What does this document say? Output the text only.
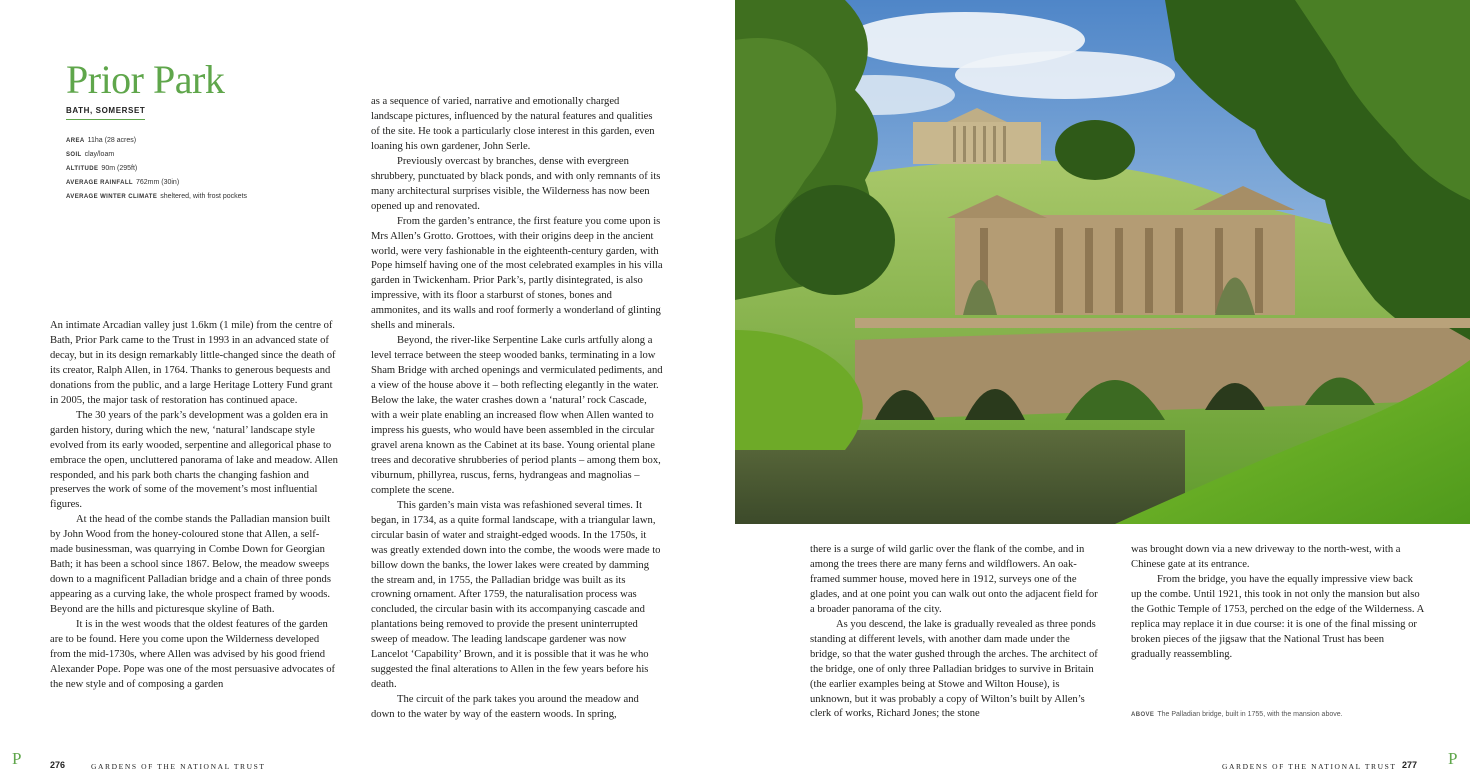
Prior Park
BATH, SOMERSET
AREA 11ha (28 acres)
SOIL clay/loam
ALTITUDE 90m (295ft)
AVERAGE RAINFALL 762mm (30in)
AVERAGE WINTER CLIMATE sheltered, with frost pockets

An intimate Arcadian valley just 1.6km (1 mile) from the centre of Bath, Prior Park came to the Trust in 1993 in an advanced state of decay, but in its design remarkably little-changed since the death of its creator, Ralph Allen, in 1764. Thanks to generous bequests and donations from the public, and a large Heritage Lottery Fund grant in 2005, the major task of restoration has continued apace.

The 30 years of the park’s development was a golden era in garden history, during which the new, ‘natural’ landscape style evolved from its early wooded, serpentine and allegorical phase to embrace the open, uncluttered panorama of lake and meadow. Allen responded, and his park both charts the changing fashion and preserves the work of some of the movement’s most influential figures.

At the head of the combe stands the Palladian mansion built by John Wood from the honey-coloured stone that Allen, a self-made businessman, was quarrying in Combe Down for Georgian Bath; it has been a school since 1867. Below, the meadow sweeps down to a magnificent Palladian bridge and a chain of three ponds appearing as a curving lake, the whole prospect framed by woods. Beyond are the hills and picturesque skyline of Bath.

It is in the west woods that the oldest features of the garden are to be found. Here you come upon the Wilderness developed from the mid-1730s, where Allen was advised by his good friend Alexander Pope. Pope was one of the most persuasive advocates of the new style and of composing a garden

as a sequence of varied, narrative and emotionally charged landscape pictures, influenced by the natural features and qualities of the site. He took a particularly close interest in this garden, even loaning his own gardener, John Serle.

Previously overcast by branches, dense with evergreen shrubbery, punctuated by black ponds, and with only remnants of its many architectural surprises visible, the Wilderness has now been opened up and renovated.

From the garden’s entrance, the first feature you come upon is Mrs Allen’s Grotto. Grottoes, with their origins deep in the ancient world, were very fashionable in the eighteenth-century garden, with Pope himself having one of the most celebrated examples in his villa garden in Twickenham. Prior Park’s, partly disintegrated, is also impressive, with its floor a starburst of stones, bones and ammonites, and its walls and roof formerly a wonderland of glinting shells and minerals.

Beyond, the river-like Serpentine Lake curls artfully along a level terrace between the steep wooded banks, terminating in a low Sham Bridge with arched openings and vermiculated pediments, and a view of the house above it – both reflecting elegantly in the water. Below the lake, the water crashes down a ‘natural’ rock Cascade, with a weir plate enabling an increased flow when Allen wanted to impress his guests, who would have been assembled in the circular gravel arena known as the Cabinet at its base. Young oriental plane trees and decorative shrubberies of period plants – among them box, viburnum, phillyrea, ruscus, ferns, hydrangeas and magnolias – complete the scene.

This garden’s main vista was refashioned several times. It began, in 1734, as a quite formal landscape, with a triangular lawn, circular basin of water and straight-edged woods. In the 1750s, it was greatly extended down into the combe, the woods were made to billow down the banks, the lower lakes were created by damming the stream and, in 1755, the Palladian bridge was built as its crowning ornament. After 1759, the naturalisation process was concluded, the circular basin with its accompanying cascade and plantations being removed to provide the present uninterrupted sweep of meadow. The leading landscape gardener was now Lancelot ‘Capability’ Brown, and it is possible that it was he who suggested the final alterations to Allen in the few years before his death.

The circuit of the park takes you around the meadow and down to the water by way of the eastern woods. In spring,

there is a surge of wild garlic over the flank of the combe, and in among the trees there are many ferns and wildflowers. An oak-framed summer house, moved here in 1912, surveys one of the glades, and at one point you can walk out onto the adjacent field for a broader panorama of the city.

As you descend, the lake is gradually revealed as three ponds standing at different levels, with another dam made under the bridge, so that the water gushed through the arches. The architect of the bridge, one of only three Palladian bridges to survive in Britain (the earlier examples being at Stowe and Wilton House), is unknown, but it was probably a copy of Wilton’s built by Allen’s clerk of works, Richard Jones; the stone

was brought down via a new driveway to the north-west, with a Chinese gate at its entrance.

From the bridge, you have the equally impressive view back up the combe. Until 1921, this took in not only the mansion but also the Gothic Temple of 1753, perched on the edge of the Wilderness. A replica may replace it in due course: it is one of the final missing or broken pieces of the jigsaw that the National Trust has been gradually reassembling.

ABOVE The Palladian bridge, built in 1755, with the mansion above.
P	276	GARDENS OF THE NATIONAL TRUST	GARDENS OF THE NATIONAL TRUST 277 P
